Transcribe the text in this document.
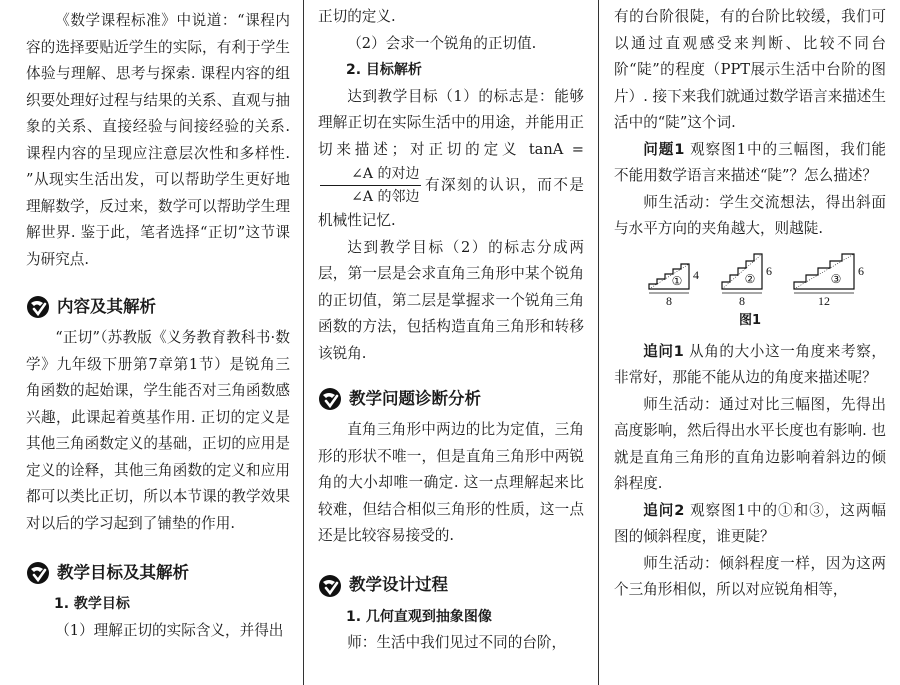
《数学课程标准》中说道：“课程内容的选择要贴近学生的实际，有利于学生体验与理解、思考与探索. 课程内容的组织要处理好过程与结果的关系、直观与抽象的关系、直接经验与间接经验的关系. 课程内容的呈现应注意层次性和多样性. ”从现实生活出发，可以帮助学生更好地理解数学，反过来，数学可以帮助学生理解世界. 鉴于此，笔者选择“正切”这节课为研究点.

内容及其解析

“正切”（苏教版《义务教育教科书·数学》九年级下册第7章第1节）是锐角三角函数的起始课，学生能否对三角函数感兴趣，此课起着奠基作用. 正切的定义是其他三角函数定义的基础，正切的应用是定义的诠释，其他三角函数的定义和应用都可以类比正切，所以本节课的教学效果对以后的学习起到了铺垫的作用.

教学目标及其解析
1. 教学目标

（1）理解正切的实际含义，并得出

正切的定义.

（2）会求一个锐角的正切值.

2. 目标解析

达到教学目标（1）的标志是：能够理解正切在实际生活中的用途，并能用正切来描述；对正切的定义 tanA =
$\frac{\text{∠A 的对边}}{\text{∠A 的邻边}}$ 有深刻的认识，而不是机械性记忆.

达到教学目标（2）的标志分成两层，第一层是会求直角三角形中某个锐角的正切值，第二层是掌握求一个锐角三角函数的方法，包括构造直角三角形和转移该锐角.

教学问题诊断分析

直角三角形中两边的比为定值，三角形的形状不唯一，但是直角三角形中两锐角的大小却唯一确定. 这一点理解起来比较难，但结合相似三角形的性质，这一点还是比较容易接受的.

教学设计过程
1. 几何直观到抽象图像

师：生活中我们见过不同的台阶，

有的台阶很陡，有的台阶比较缓，我们可以通过直观感受来判断、比较不同台阶“陡”的程度（PPT展示生活中台阶的图片）. 接下来我们就通过数学语言来描述生活中的“陡”这个词.

问题1 观察图1中的三幅图，我们能不能用数学语言来描述“陡”？怎么描述？

师生活动：学生交流想法，得出斜面与水平方向的夹角越大，则越陡.

① 4
8
②
6
8
③
6
12
图1

追问1 从角的大小这一角度来考察，非常好，那能不能从边的角度来描述呢？

师生活动：通过对比三幅图，先得出高度影响，然后得出水平长度也有影响. 也就是直角三角形的直角边影响着斜边的倾斜程度.

追问2 观察图1中的①和③，这两幅图的倾斜程度，谁更陡？

师生活动：倾斜程度一样，因为这两个三角形相似，所以对应锐角相等，
